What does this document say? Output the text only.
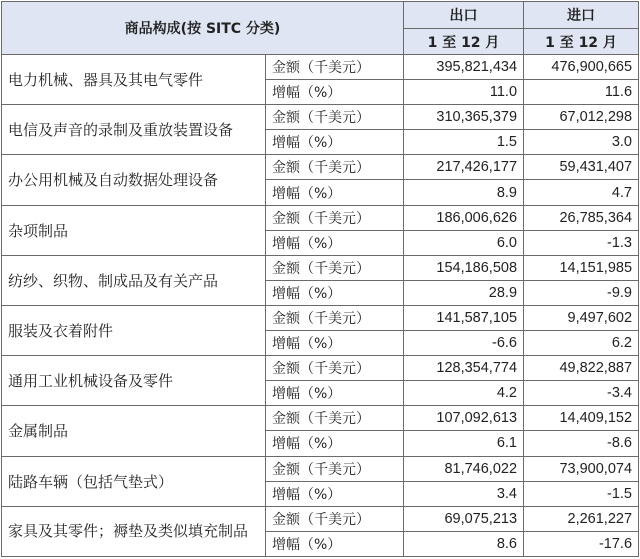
商品构成(按 SITC 分类)		出口	进口
		1 至 12 月	1 至 12 月
电力机械、器具及其电气零件	金额（千美元）	395,821,434	476,900,665
	增幅（%）	11.0	11.6
电信及声音的录制及重放装置设备	金额（千美元）	310,365,379	67,012,298
	增幅（%）	1.5	3.0
办公用机械及自动数据处理设备	金额（千美元）	217,426,177	59,431,407
	增幅（%）	8.9	4.7
杂项制品	金额（千美元）	186,006,626	26,785,364
	增幅（%）	6.0	-1.3
纺纱、织物、制成品及有关产品	金额（千美元）	154,186,508	14,151,985
	增幅（%）	28.9	-9.9
服装及衣着附件	金额（千美元）	141,587,105	9,497,602
	增幅（%）	-6.6	6.2
通用工业机械设备及零件	金额（千美元）	128,354,774	49,822,887
	增幅（%）	4.2	-3.4
金属制品	金额（千美元）	107,092,613	14,409,152
	增幅（%）	6.1	-8.6
陆路车辆（包括气垫式）	金额（千美元）	81,746,022	73,900,074
	增幅（%）	3.4	-1.5
家具及其零件；褥垫及类似填充制品	金额（千美元）	69,075,213	2,261,227
	增幅（%）	8.6	-17.6
